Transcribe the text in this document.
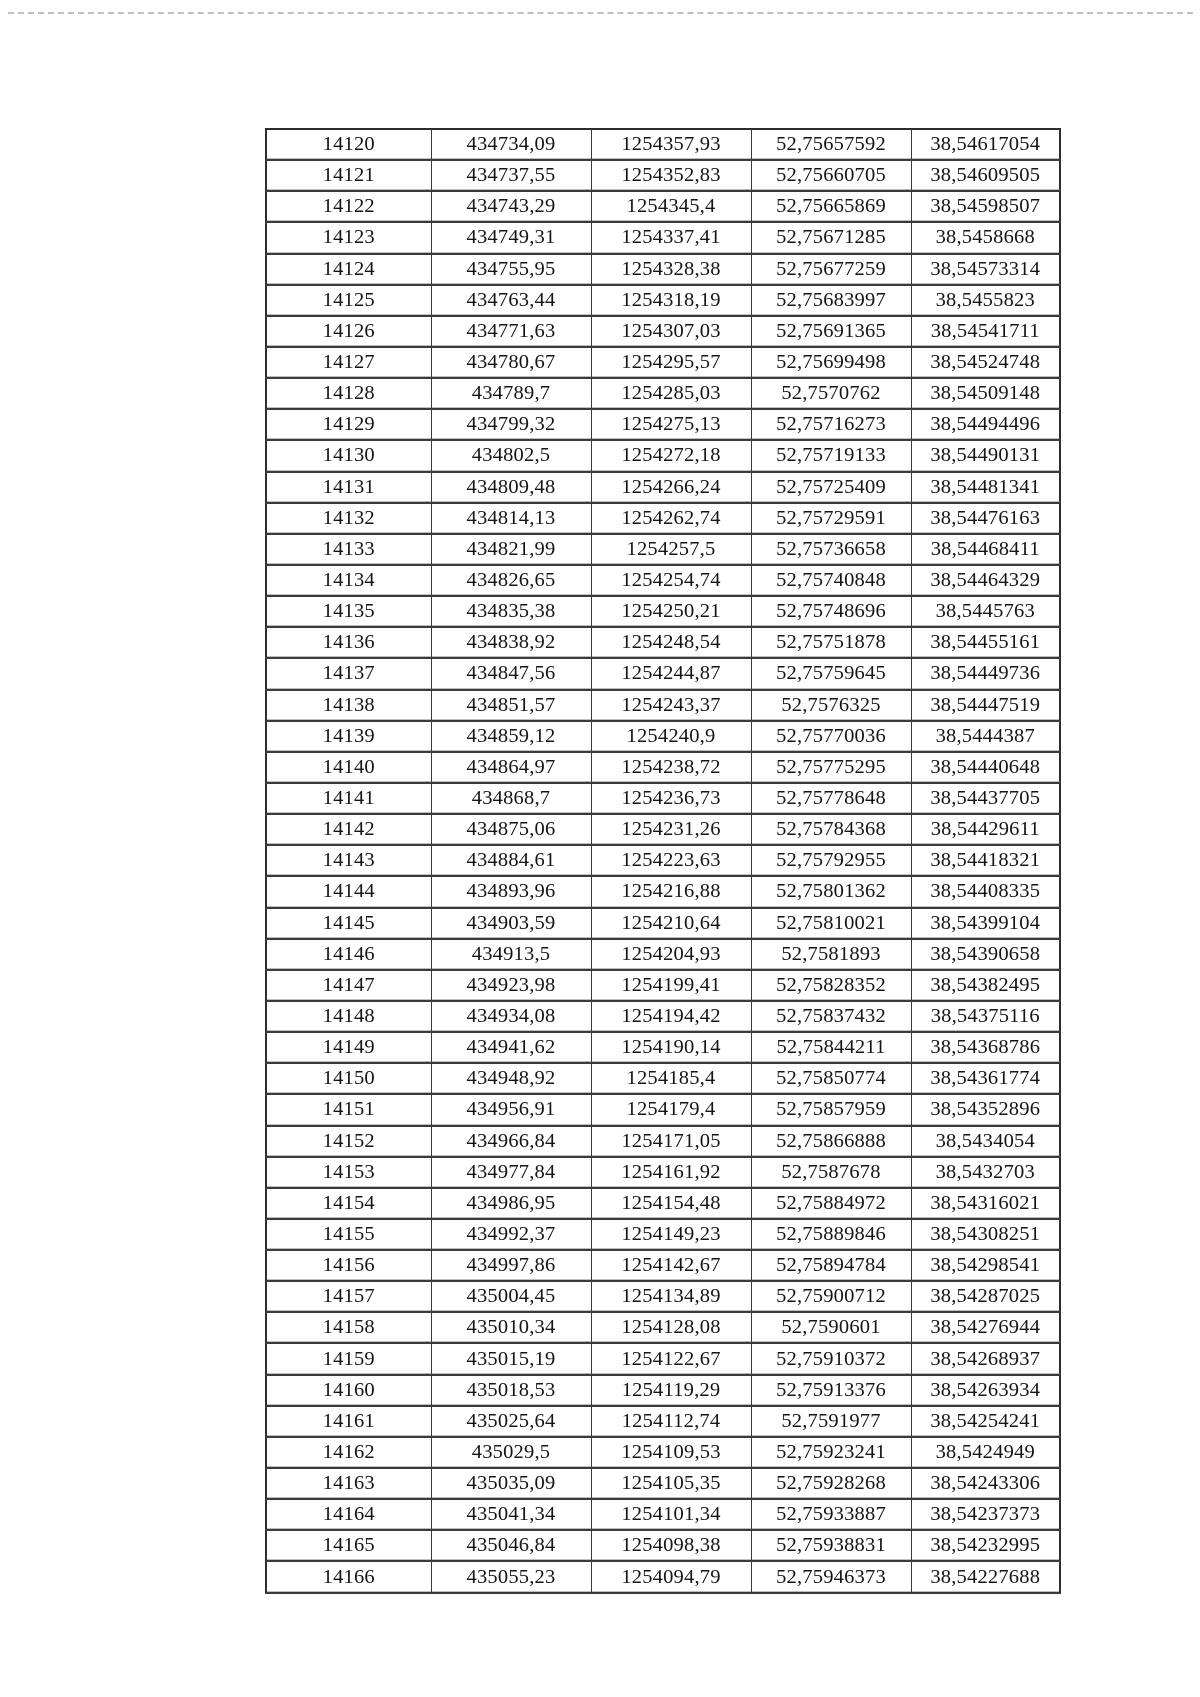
14120	434734,09	1254357,93	52,75657592	38,54617054
14121	434737,55	1254352,83	52,75660705	38,54609505
14122	434743,29	1254345,4	52,75665869	38,54598507
14123	434749,31	1254337,41	52,75671285	38,5458668
14124	434755,95	1254328,38	52,75677259	38,54573314
14125	434763,44	1254318,19	52,75683997	38,5455823
14126	434771,63	1254307,03	52,75691365	38,54541711
14127	434780,67	1254295,57	52,75699498	38,54524748
14128	434789,7	1254285,03	52,7570762	38,54509148
14129	434799,32	1254275,13	52,75716273	38,54494496
14130	434802,5	1254272,18	52,75719133	38,54490131
14131	434809,48	1254266,24	52,75725409	38,54481341
14132	434814,13	1254262,74	52,75729591	38,54476163
14133	434821,99	1254257,5	52,75736658	38,54468411
14134	434826,65	1254254,74	52,75740848	38,54464329
14135	434835,38	1254250,21	52,75748696	38,5445763
14136	434838,92	1254248,54	52,75751878	38,54455161
14137	434847,56	1254244,87	52,75759645	38,54449736
14138	434851,57	1254243,37	52,7576325	38,54447519
14139	434859,12	1254240,9	52,75770036	38,5444387
14140	434864,97	1254238,72	52,75775295	38,54440648
14141	434868,7	1254236,73	52,75778648	38,54437705
14142	434875,06	1254231,26	52,75784368	38,54429611
14143	434884,61	1254223,63	52,75792955	38,54418321
14144	434893,96	1254216,88	52,75801362	38,54408335
14145	434903,59	1254210,64	52,75810021	38,54399104
14146	434913,5	1254204,93	52,7581893	38,54390658
14147	434923,98	1254199,41	52,75828352	38,54382495
14148	434934,08	1254194,42	52,75837432	38,54375116
14149	434941,62	1254190,14	52,75844211	38,54368786
14150	434948,92	1254185,4	52,75850774	38,54361774
14151	434956,91	1254179,4	52,75857959	38,54352896
14152	434966,84	1254171,05	52,75866888	38,5434054
14153	434977,84	1254161,92	52,7587678	38,5432703
14154	434986,95	1254154,48	52,75884972	38,54316021
14155	434992,37	1254149,23	52,75889846	38,54308251
14156	434997,86	1254142,67	52,75894784	38,54298541
14157	435004,45	1254134,89	52,75900712	38,54287025
14158	435010,34	1254128,08	52,7590601	38,54276944
14159	435015,19	1254122,67	52,75910372	38,54268937
14160	435018,53	1254119,29	52,75913376	38,54263934
14161	435025,64	1254112,74	52,7591977	38,54254241
14162	435029,5	1254109,53	52,75923241	38,5424949
14163	435035,09	1254105,35	52,75928268	38,54243306
14164	435041,34	1254101,34	52,75933887	38,54237373
14165	435046,84	1254098,38	52,75938831	38,54232995
14166	435055,23	1254094,79	52,75946373	38,54227688
